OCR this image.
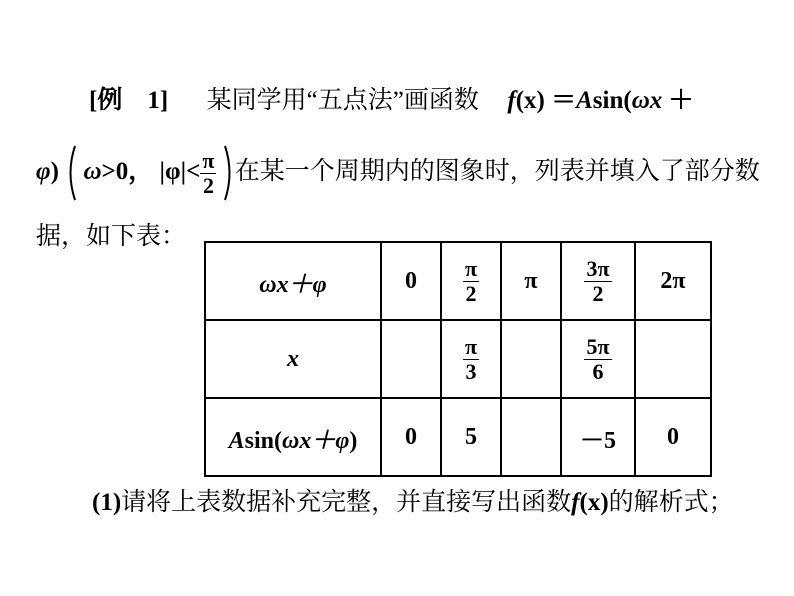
[例　1] 某同学用“五点法”画函数 f(x) ＝Asin(ωx ＋
φ) ω>0， $|\varphi|< \frac{\pi}{2}$ 在某一个周期内的图象时，列表并填入了部分数
据，如下表：
ωx＋φ	0	$\frac{\pi}{2}$	π	$\frac{3\pi}{2}$	2π
x		$\frac{\pi}{3}$		$\frac{5\pi}{6}$

Asin(ωx＋φ)	0	5		－5	0
(1)请将上表数据补充完整，并直接写出函数f(x)的解析式；
